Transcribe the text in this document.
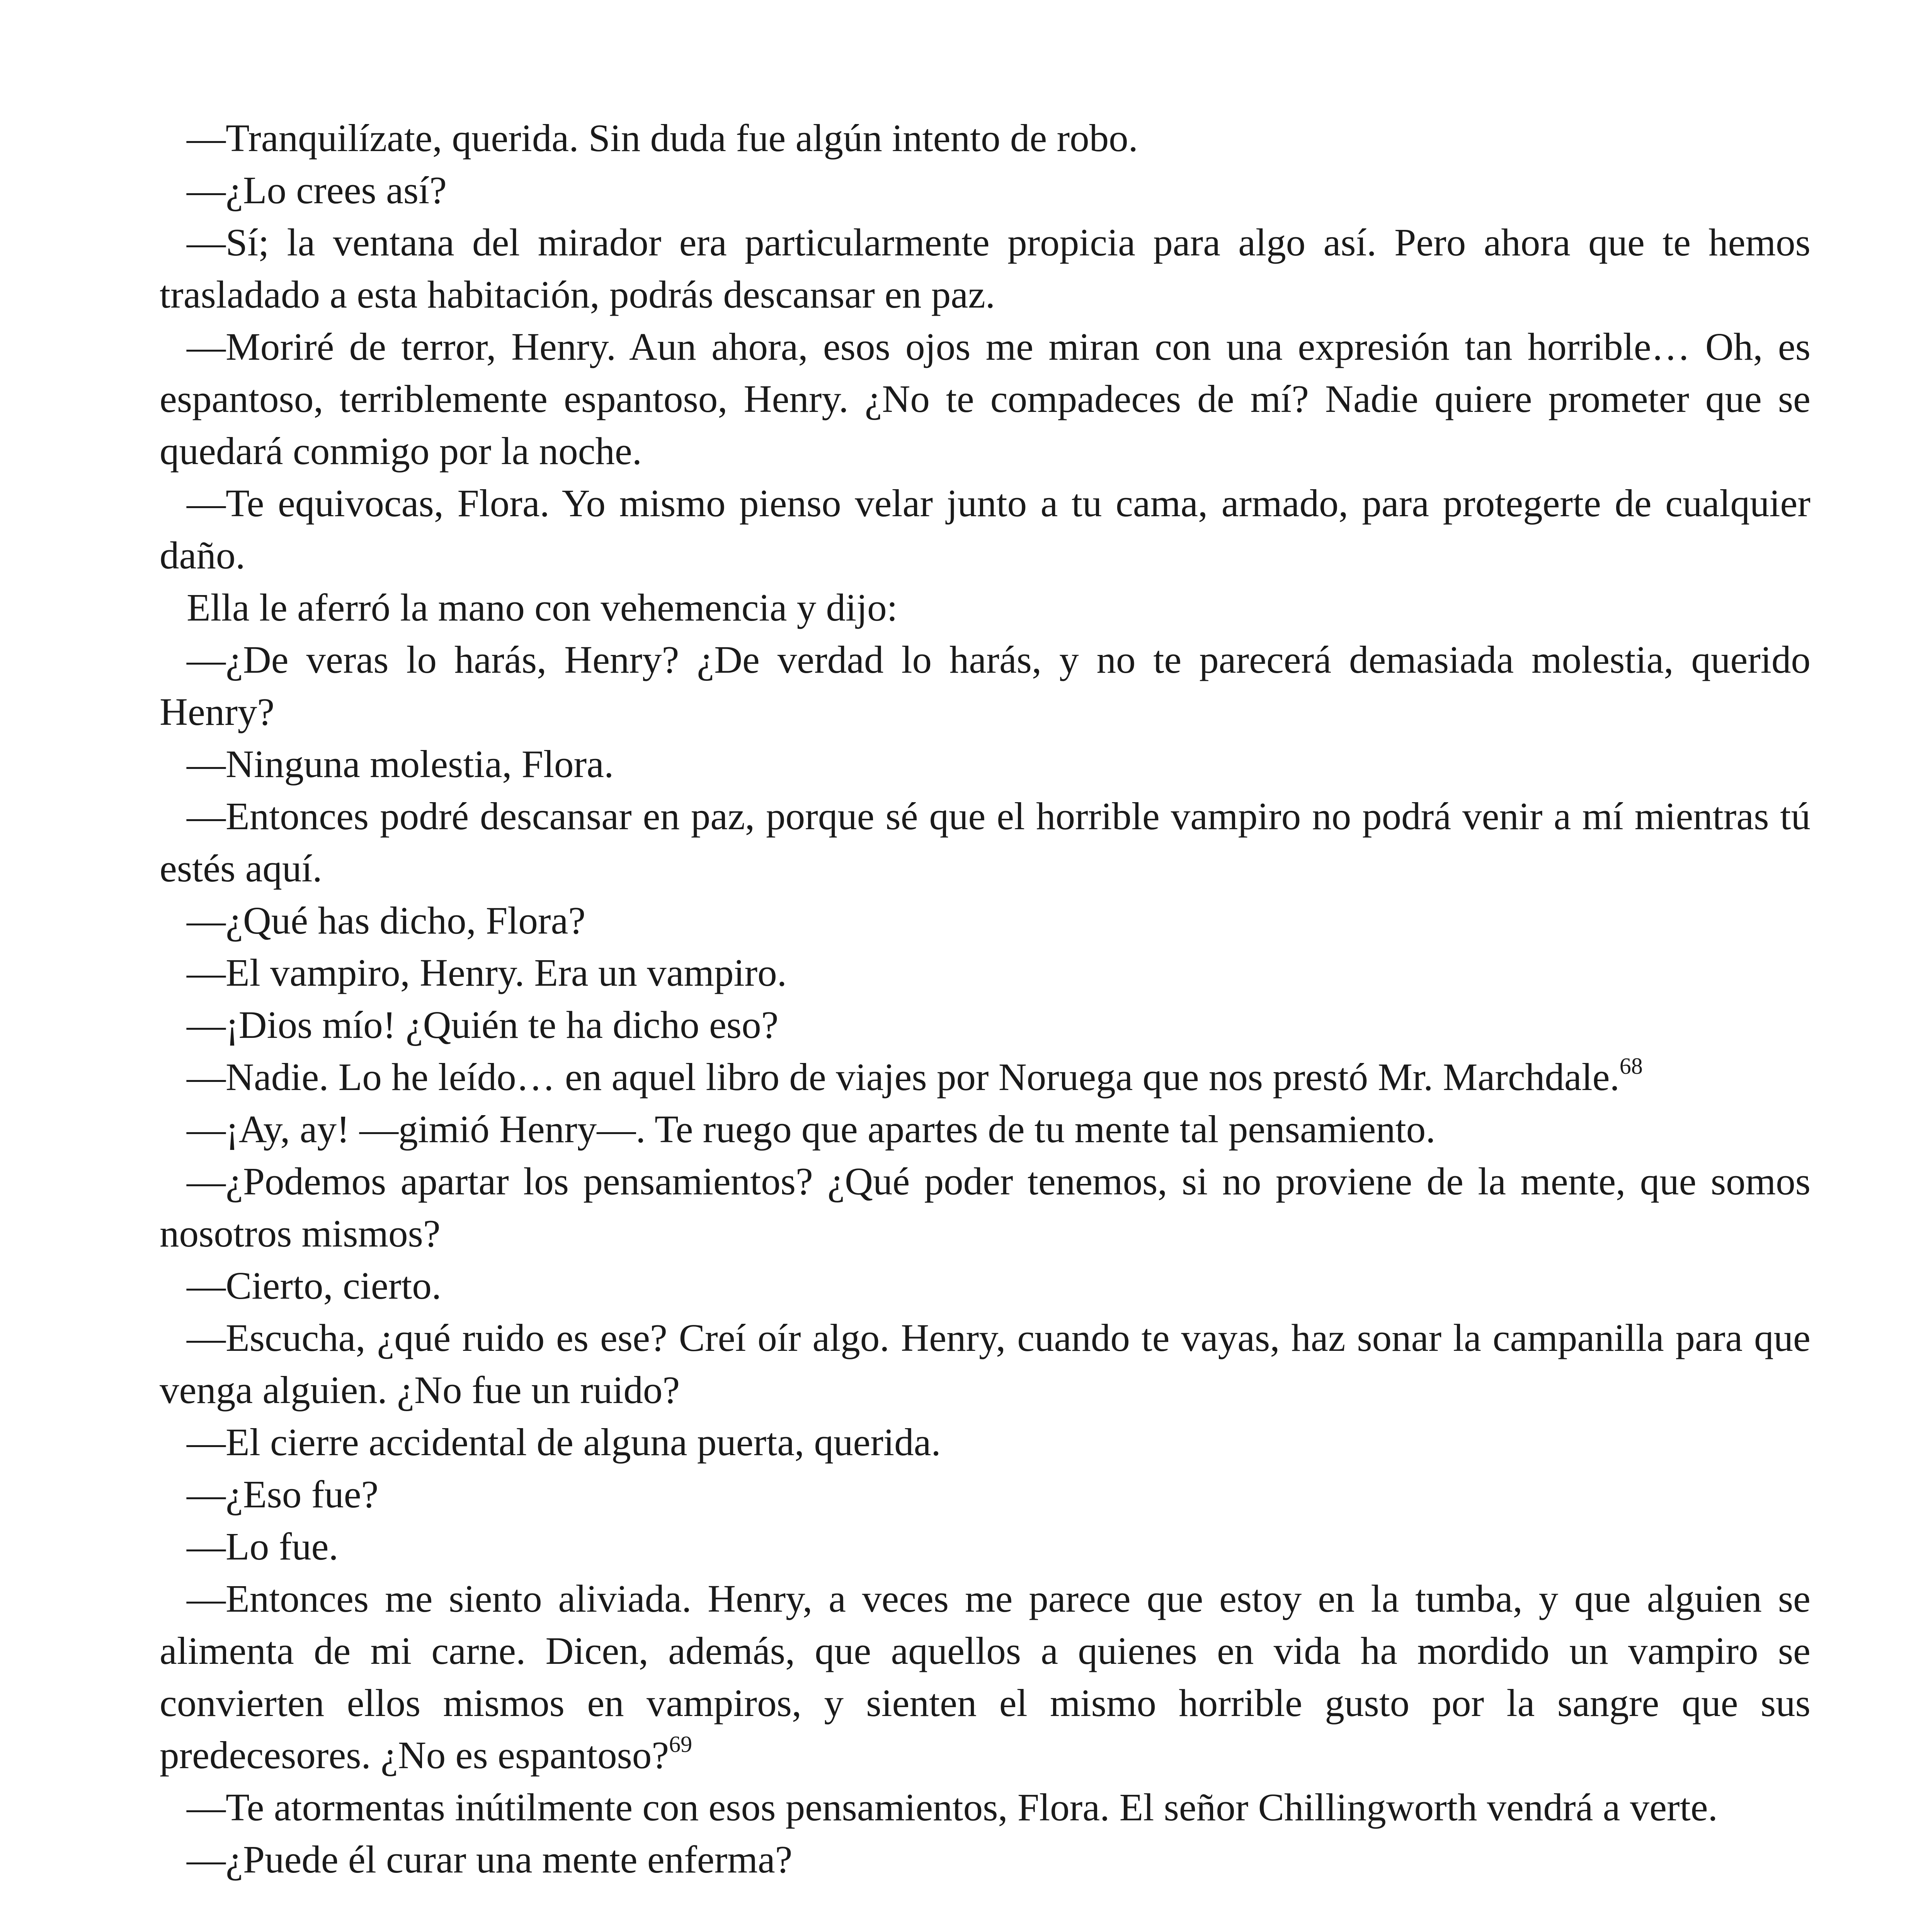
—Tranquilízate, querida. Sin duda fue algún intento de robo.

—¿Lo crees así?

—Sí; la ventana del mirador era particularmente propicia para algo así. Pero ahora que te hemos trasladado a esta habitación, podrás descansar en paz.

—Moriré de terror, Henry. Aun ahora, esos ojos me miran con una expresión tan horrible… Oh, es espantoso, terriblemente espantoso, Henry. ¿No te compadeces de mí? Nadie quiere prometer que se quedará conmigo por la noche.

—Te equivocas, Flora. Yo mismo pienso velar junto a tu cama, armado, para protegerte de cualquier daño.

Ella le aferró la mano con vehemencia y dijo:

—¿De veras lo harás, Henry? ¿De verdad lo harás, y no te parecerá demasiada molestia, querido Henry?

—Ninguna molestia, Flora.

—Entonces podré descansar en paz, porque sé que el horrible vampiro no podrá venir a mí mientras tú estés aquí.

—¿Qué has dicho, Flora?

—El vampiro, Henry. Era un vampiro.

—¡Dios mío! ¿Quién te ha dicho eso?

—Nadie. Lo he leído… en aquel libro de viajes por Noruega que nos prestó Mr. Marchdale.$^{68}$

—¡Ay, ay! —gimió Henry—. Te ruego que apartes de tu mente tal pensamiento.

—¿Podemos apartar los pensamientos? ¿Qué poder tenemos, si no proviene de la mente, que somos nosotros mismos?

—Cierto, cierto.

—Escucha, ¿qué ruido es ese? Creí oír algo. Henry, cuando te vayas, haz sonar la campanilla para que venga alguien. ¿No fue un ruido?

—El cierre accidental de alguna puerta, querida.

—¿Eso fue?

—Lo fue.

—Entonces me siento aliviada. Henry, a veces me parece que estoy en la tumba, y que alguien se alimenta de mi carne. Dicen, además, que aquellos a quienes en vida ha mordido un vampiro se convierten ellos mismos en vampiros, y sienten el mismo horrible gusto por la sangre que sus predecesores. ¿No es espantoso?$^{69}$

—Te atormentas inútilmente con esos pensamientos, Flora. El señor Chillingworth vendrá a verte.

—¿Puede él curar una mente enferma?
